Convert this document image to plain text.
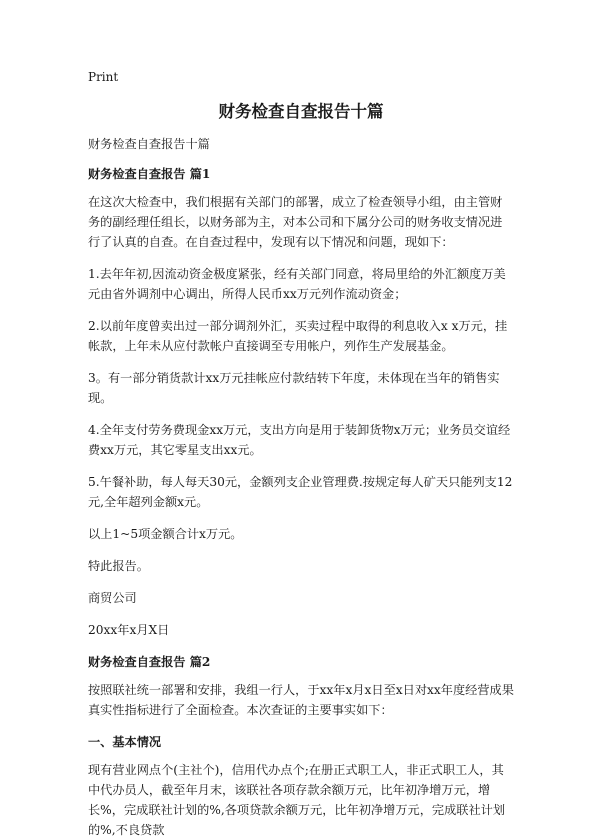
Print
财务检查自查报告十篇

财务检查自查报告十篇

财务检查自查报告 篇1

在这次大检查中，我们根据有关部门的部署，成立了检查领导小组，由主管财务的副经理任组长，以财务部为主，对本公司和下属分公司的财务收支情况进行了认真的自查。在自查过程中，发现有以下情况和问题，现如下：

1.去年年初,因流动资金极度紧张，经有关部门同意，将局里给的外汇额度万美元由省外调剂中心调出，所得人民币xx万元列作流动资金；

2.以前年度曾卖出过一部分调剂外汇，买卖过程中取得的利息收入x x万元，挂帐款，上年未从应付款帐户直接调至专用帐户，列作生产发展基金。

3。有一部分销货款计xx万元挂帐应付款结转下年度，未体现在当年的销售实现。

4.全年支付劳务费现金xx万元，支出方向是用于装卸货物x万元；业务员交谊经费xx万元，其它零星支出xx元。

5.午餐补助，每人每天30元，金额列支企业管理费.按规定每人矿天只能列支12元,全年超列金额x元。

以上1~5项金额合计x万元。

特此报告。

商贸公司

20xx年x月X日

财务检查自查报告 篇2

按照联社统一部署和安排，我组一行人，于xx年x月x日至x日对xx年度经营成果真实性指标进行了全面检查。本次查证的主要事实如下：

一、基本情况

现有营业网点个(主社个)，信用代办点个;在册正式职工人，非正式职工人，其中代办员人，截至年月末，该联社各项存款余额万元，比年初净增万元，增长%，完成联社计划的%,各项贷款余额万元，比年初净增万元，完成联社计划的%,不良贷款
